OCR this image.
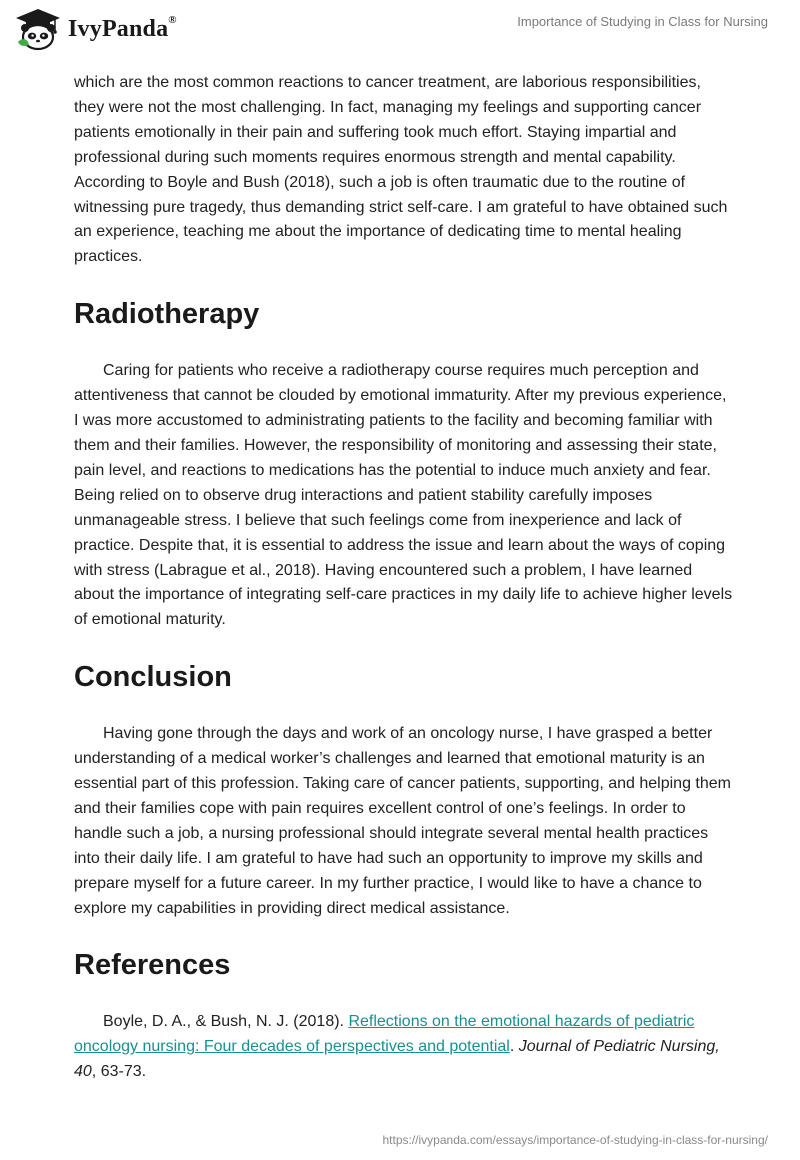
IvyPanda®	Importance of Studying in Class for Nursing

which are the most common reactions to cancer treatment, are laborious responsibilities, they were not the most challenging. In fact, managing my feelings and supporting cancer patients emotionally in their pain and suffering took much effort. Staying impartial and professional during such moments requires enormous strength and mental capability. According to Boyle and Bush (2018), such a job is often traumatic due to the routine of witnessing pure tragedy, thus demanding strict self-care. I am grateful to have obtained such an experience, teaching me about the importance of dedicating time to mental healing practices.

Radiotherapy

Caring for patients who receive a radiotherapy course requires much perception and attentiveness that cannot be clouded by emotional immaturity. After my previous experience, I was more accustomed to administrating patients to the facility and becoming familiar with them and their families. However, the responsibility of monitoring and assessing their state, pain level, and reactions to medications has the potential to induce much anxiety and fear. Being relied on to observe drug interactions and patient stability carefully imposes unmanageable stress. I believe that such feelings come from inexperience and lack of practice. Despite that, it is essential to address the issue and learn about the ways of coping with stress (Labrague et al., 2018). Having encountered such a problem, I have learned about the importance of integrating self-care practices in my daily life to achieve higher levels of emotional maturity.

Conclusion

Having gone through the days and work of an oncology nurse, I have grasped a better understanding of a medical worker’s challenges and learned that emotional maturity is an essential part of this profession. Taking care of cancer patients, supporting, and helping them and their families cope with pain requires excellent control of one’s feelings. In order to handle such a job, a nursing professional should integrate several mental health practices into their daily life. I am grateful to have had such an opportunity to improve my skills and prepare myself for a future career. In my further practice, I would like to have a chance to explore my capabilities in providing direct medical assistance.

References

Boyle, D. A., & Bush, N. J. (2018). Reflections on the emotional hazards of pediatric oncology nursing: Four decades of perspectives and potential. Journal of Pediatric Nursing, 40, 63-73.

https://ivypanda.com/essays/importance-of-studying-in-class-for-nursing/
